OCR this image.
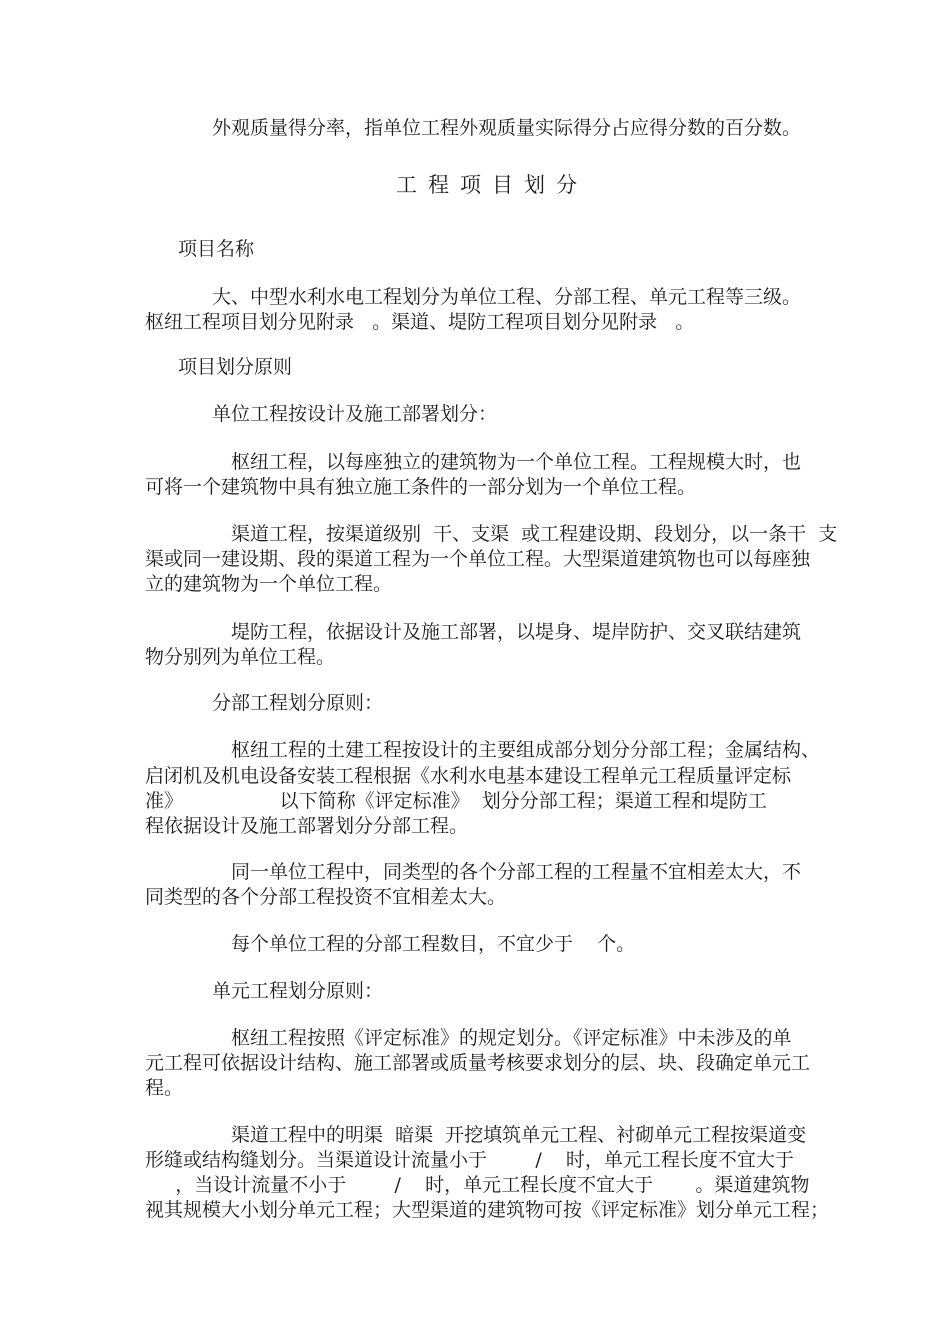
外观质量得分率，指单位工程外观质量实际得分占应得分数的百分数。

工程项目划分

项目名称

大、中型水利水电工程划分为单位工程、分部工程、单元工程等三级。

枢纽工程项目划分见附录   。渠道、堤防工程项目划分见附录   。

项目划分原则

单位工程按设计及施工部署划分：

枢纽工程，以每座独立的建筑物为一个单位工程。工程规模大时，也

可将一个建筑物中具有独立施工条件的一部分划为一个单位工程。

渠道工程，按渠道级别  干、支渠  或工程建设期、段划分，以一条干  支

渠或同一建设期、段的渠道工程为一个单位工程。大型渠道建筑物也可以每座独

立的建筑物为一个单位工程。

堤防工程，依据设计及施工部署，以堤身、堤岸防护、交叉联结建筑

物分别列为单位工程。

分部工程划分原则：

枢纽工程的土建工程按设计的主要组成部分划分分部工程；金属结构、

启闭机及机电设备安装工程根据《水利水电基本建设工程单元工程质量评定标

准》                以下简称《评定标准》  划分分部工程；渠道工程和堤防工

程依据设计及施工部署划分分部工程。

同一单位工程中，同类型的各个分部工程的工程量不宜相差太大，不

同类型的各个分部工程投资不宜相差太大。

每个单位工程的分部工程数目，不宜少于    个。

单元工程划分原则：

枢纽工程按照《评定标准》的规定划分。《评定标准》中未涉及的单

元工程可依据设计结构、施工部署或质量考核要求划分的层、块、段确定单元工

程。

渠道工程中的明渠  暗渠  开挖填筑单元工程、衬砌单元工程按渠道变

形缝或结构缝划分。当渠道设计流量小于        /    时，单元工程长度不宜大于

，当设计流量不小于        /    时，单元工程长度不宜大于       。渠道建筑物

视其规模大小划分单元工程；大型渠道的建筑物可按《评定标准》划分单元工程；
